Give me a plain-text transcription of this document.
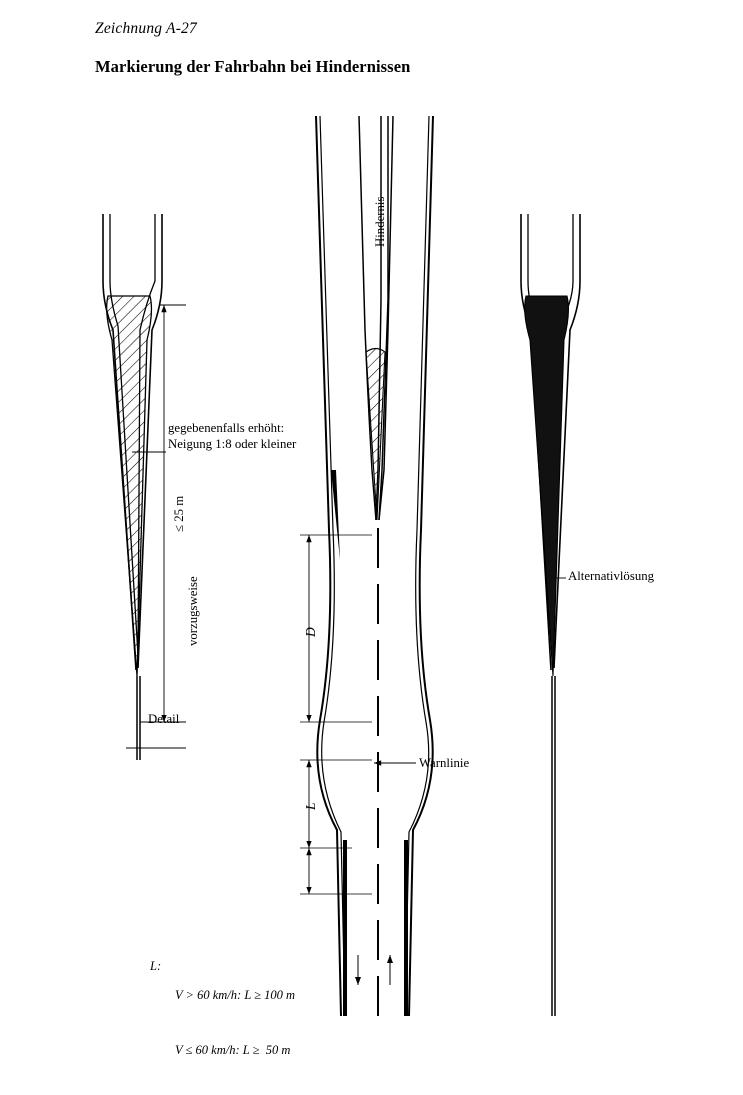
Zeichnung A-27
Markierung der Fahrbahn bei Hindernissen
gegebenenfalls erhöht:
Neigung 1:8 oder kleiner
Detail
Alternativlösung
Warnlinie
Hindernis
vorzugsweise
≤ 25 m
D
L

L:

V > 60 km/h: L ≥ 100 m

V ≤ 60 km/h: L ≥  50 m
